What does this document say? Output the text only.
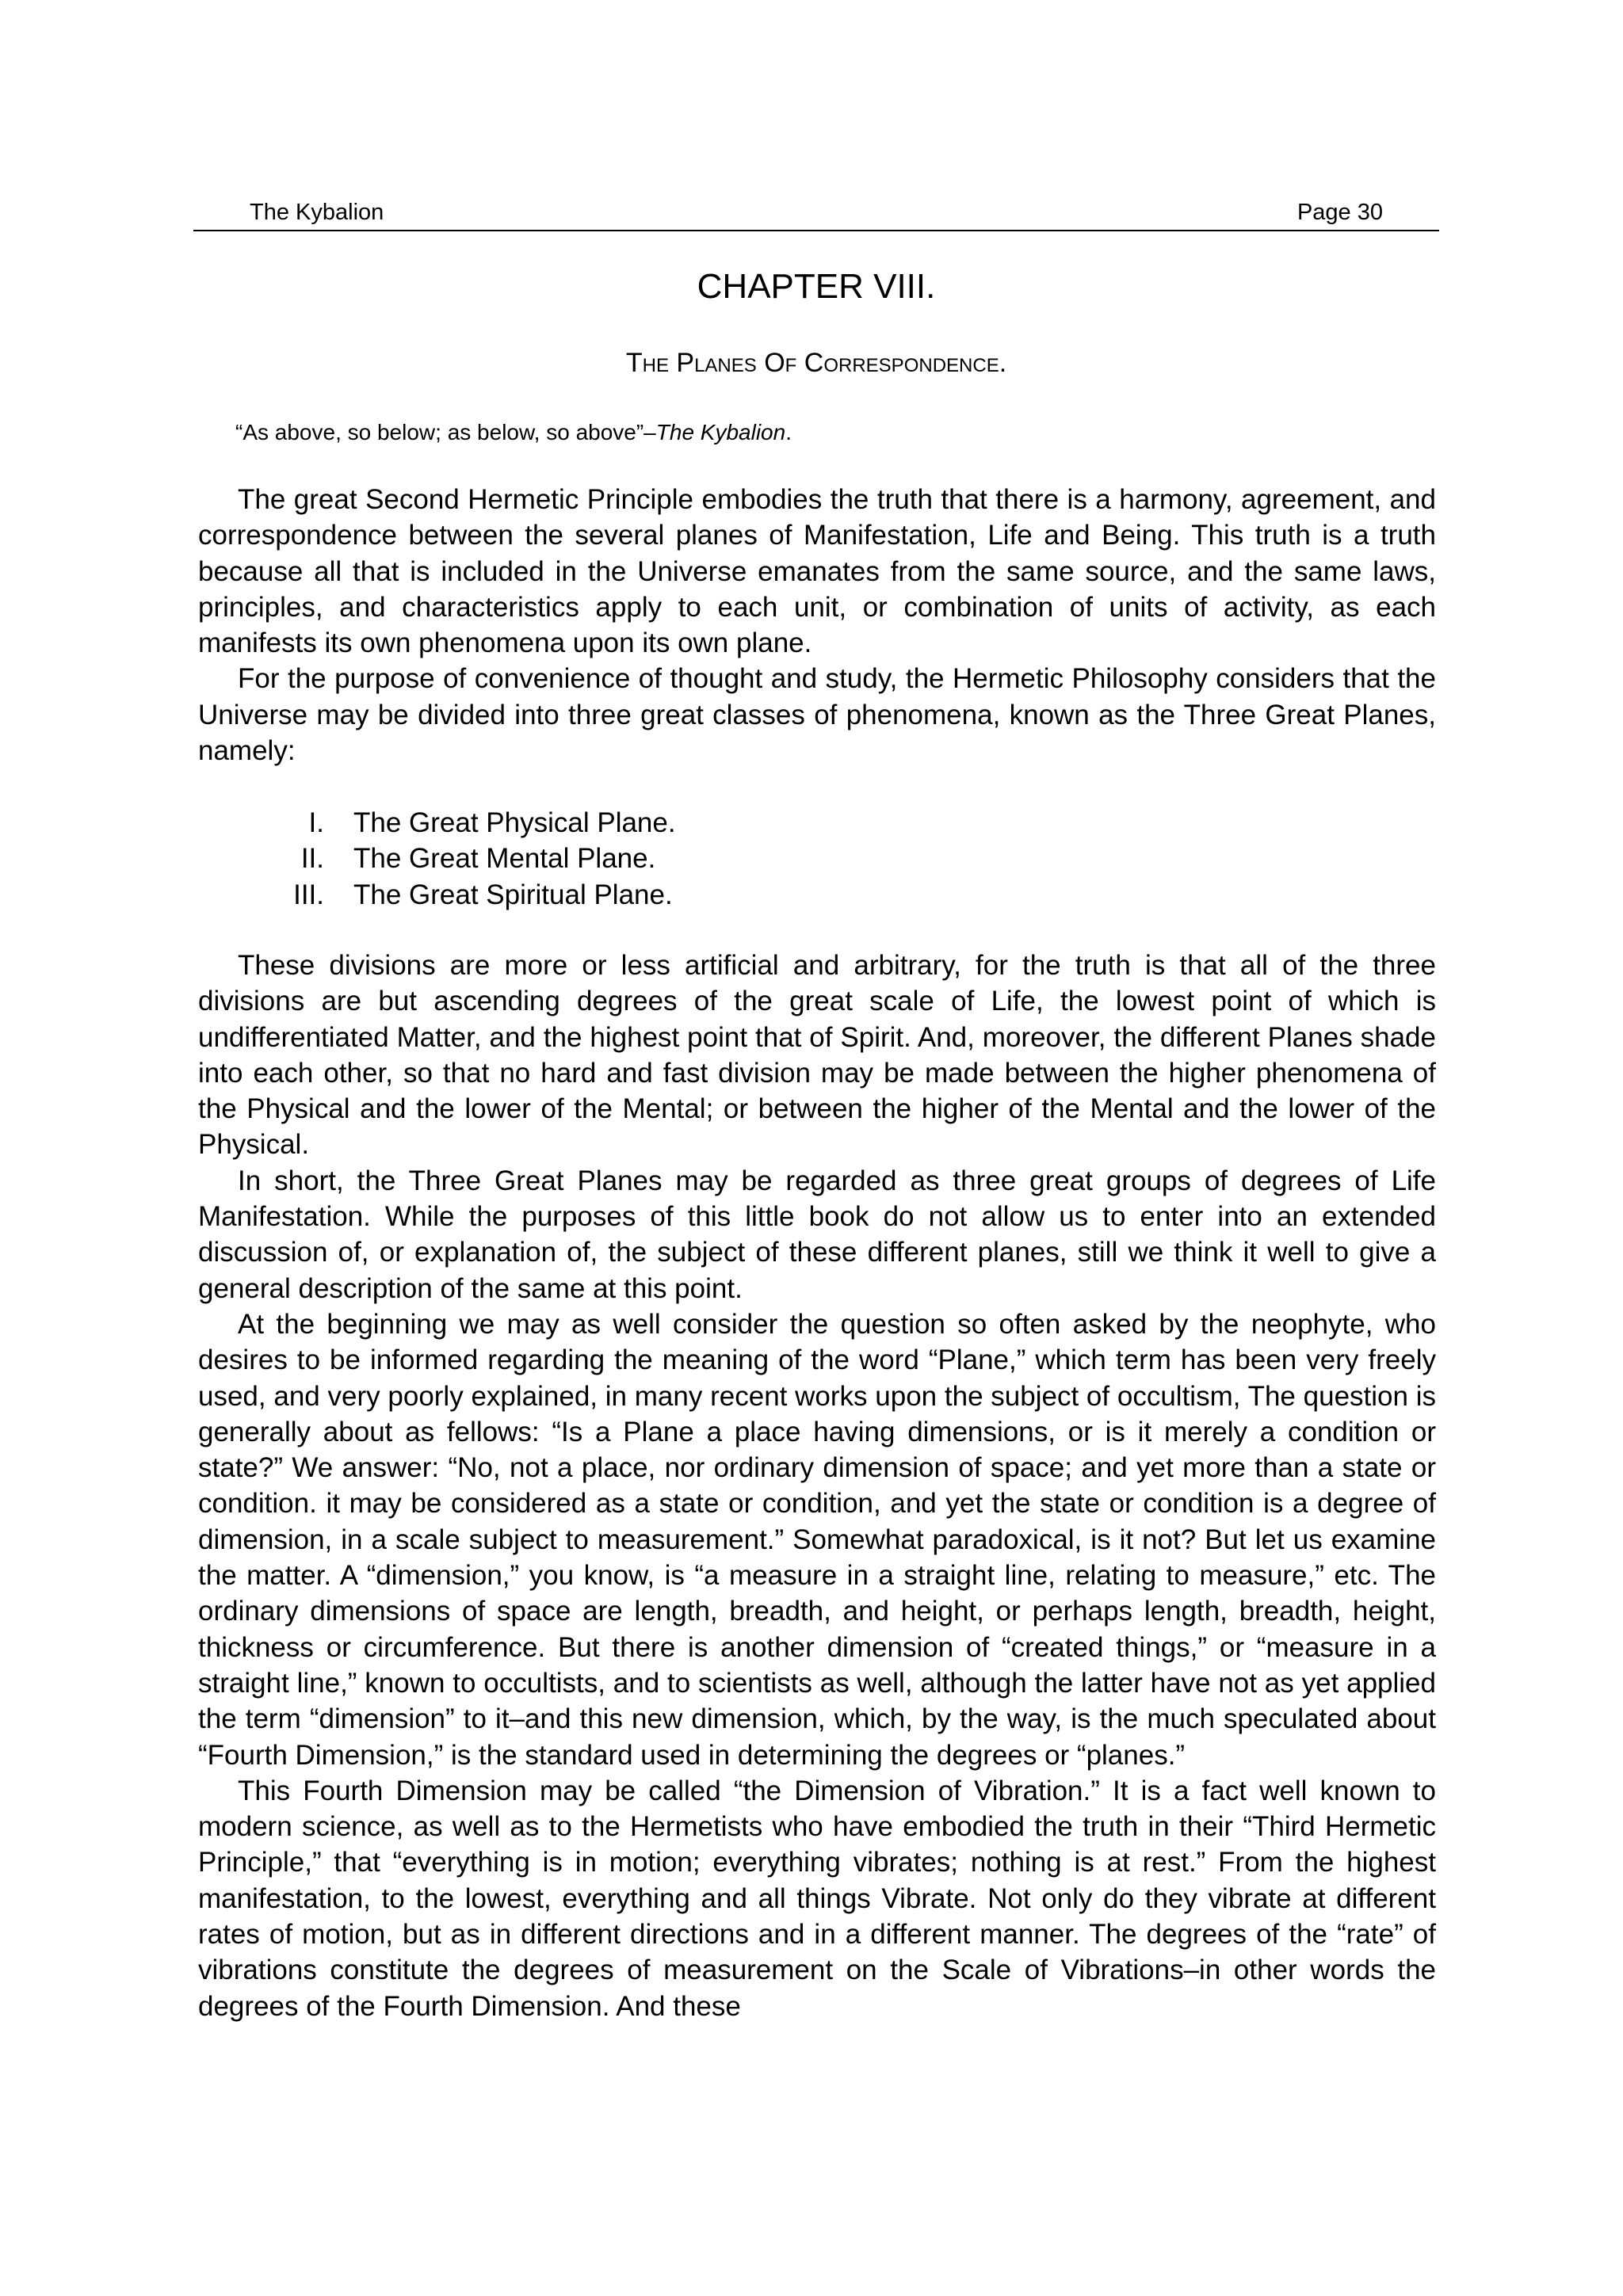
The Kybalion	Page 30
CHAPTER VIII.
The Planes Of Correspondence.
“As above, so below; as below, so above”–The Kybalion.

The great Second Hermetic Principle embodies the truth that there is a harmony, agreement, and correspondence between the several planes of Manifestation, Life and Being. This truth is a truth because all that is included in the Universe emanates from the same source, and the same laws, principles, and characteristics apply to each unit, or combination of units of activity, as each manifests its own phenomena upon its own plane.

For the purpose of convenience of thought and study, the Hermetic Philosophy considers that the Universe may be divided into three great classes of phenomena, known as the Three Great Planes, namely:

I. The Great Physical Plane.
II. The Great Mental Plane.
III. The Great Spiritual Plane.

These divisions are more or less artificial and arbitrary, for the truth is that all of the three divisions are but ascending degrees of the great scale of Life, the lowest point of which is undifferentiated Matter, and the highest point that of Spirit. And, moreover, the different Planes shade into each other, so that no hard and fast division may be made between the higher phenomena of the Physical and the lower of the Mental; or between the higher of the Mental and the lower of the Physical.

In short, the Three Great Planes may be regarded as three great groups of degrees of Life Manifestation. While the purposes of this little book do not allow us to enter into an extended discussion of, or explanation of, the subject of these different planes, still we think it well to give a general description of the same at this point.

At the beginning we may as well consider the question so often asked by the neophyte, who desires to be informed regarding the meaning of the word “Plane,” which term has been very freely used, and very poorly explained, in many recent works upon the subject of occultism, The question is generally about as fellows: “Is a Plane a place having dimensions, or is it merely a condition or state?” We answer: “No, not a place, nor ordinary dimension of space; and yet more than a state or condition. it may be considered as a state or condition, and yet the state or condition is a degree of dimension, in a scale subject to measurement.” Somewhat paradoxical, is it not? But let us examine the matter. A “dimension,” you know, is “a measure in a straight line, relating to measure,” etc. The ordinary dimensions of space are length, breadth, and height, or perhaps length, breadth, height, thickness or circumference. But there is another dimension of “created things,” or “measure in a straight line,” known to occultists, and to scientists as well, although the latter have not as yet applied the term “dimension” to it–and this new dimension, which, by the way, is the much speculated about “Fourth Dimension,” is the standard used in determining the degrees or “planes.”

This Fourth Dimension may be called “the Dimension of Vibration.” It is a fact well known to modern science, as well as to the Hermetists who have embodied the truth in their “Third Hermetic Principle,” that “everything is in motion; everything vibrates; nothing is at rest.” From the highest manifestation, to the lowest, everything and all things Vibrate. Not only do they vibrate at different rates of motion, but as in different directions and in a different manner. The degrees of the “rate” of vibrations constitute the degrees of measurement on the Scale of Vibrations–in other words the degrees of the Fourth Dimension. And these
